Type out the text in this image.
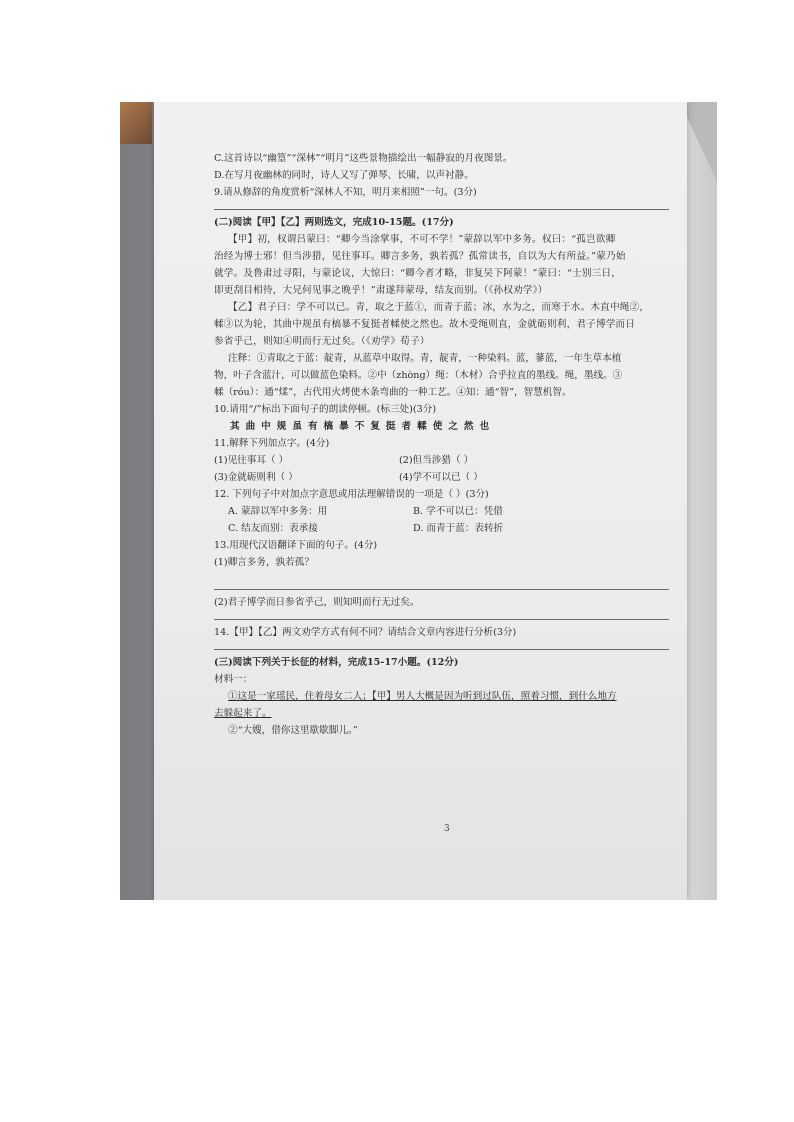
C.这首诗以“幽篁”“深林”“明月”这些景物描绘出一幅静寂的月夜图景。
D.在写月夜幽林的同时，诗人又写了弹琴、长啸，以声衬静。
9.请从修辞的角度赏析“深林人不知，明月来相照”一句。(3分)
(二)阅读【甲】【乙】两则选文，完成10-15题。(17分)
【甲】初，权谓吕蒙曰：“卿今当涂掌事，不可不学！”蒙辞以军中多务。权曰：“孤岂欲卿
治经为博士邪！但当涉猎，见往事耳。卿言多务，孰若孤？孤常读书，自以为大有所益。”蒙乃始
就学。及鲁肃过寻阳，与蒙论议，大惊曰：“卿今者才略，非复吴下阿蒙！”蒙曰：“士别三日，
即更刮目相待，大兄何见事之晚乎！”肃遂拜蒙母，结友而别。（《孙权劝学》）
【乙】君子曰：学不可以已。青，取之于蓝①，而青于蓝；冰，水为之，而寒于水。木直中绳②，
輮③以为轮，其曲中规虽有槁暴不复挺者輮使之然也。故木受绳则直，金就砺则利，君子博学而日
参省乎己，则知④明而行无过矣。（《劝学》荀子）
注释：①青取之于蓝：靛青，从蓝草中取得。青，靛青，一种染料。蓝，蓼蓝，一年生草本植
物，叶子含蓝汁，可以做蓝色染料。②中（zhòng）绳：（木材）合乎拉直的墨线。绳，墨线。③
輮（róu）：通“煣”，古代用火烤使木条弯曲的一种工艺。④知：通“智”，智慧机智。
10.请用“/”标出下面句子的朗读停顿。(标三处)(3分)
其曲中规虽有槁暴不复挺者輮使之然也
11.解释下列加点字。(4分)
(1)见往事耳（ ）	(2)但当涉猎（ ）
(3)金就砺则利（ ）	(4)学不可以已（ ）
12. 下列句子中对加点字意思或用法理解错误的一项是（ ）(3分)
A. 蒙辞以军中多务：用	B. 学不可以已：凭借
C. 结友而别：表承接	D. 而青于蓝：表转折
13.用现代汉语翻译下面的句子。(4分)
(1)卿言多务，孰若孤？
(2)君子博学而日参省乎己，则知明而行无过矣。
14.【甲】【乙】两文劝学方式有何不同？请结合文章内容进行分析(3分)
(三)阅读下列关于长征的材料，完成15-17小题。(12分)
材料一：
①这是一家瑶民，住着母女二人；【甲】男人大概是因为听到过队伍，照着习惯，到什么地方
去躲起来了。
②“大嫂，借你这里歇歇脚儿。”
3
